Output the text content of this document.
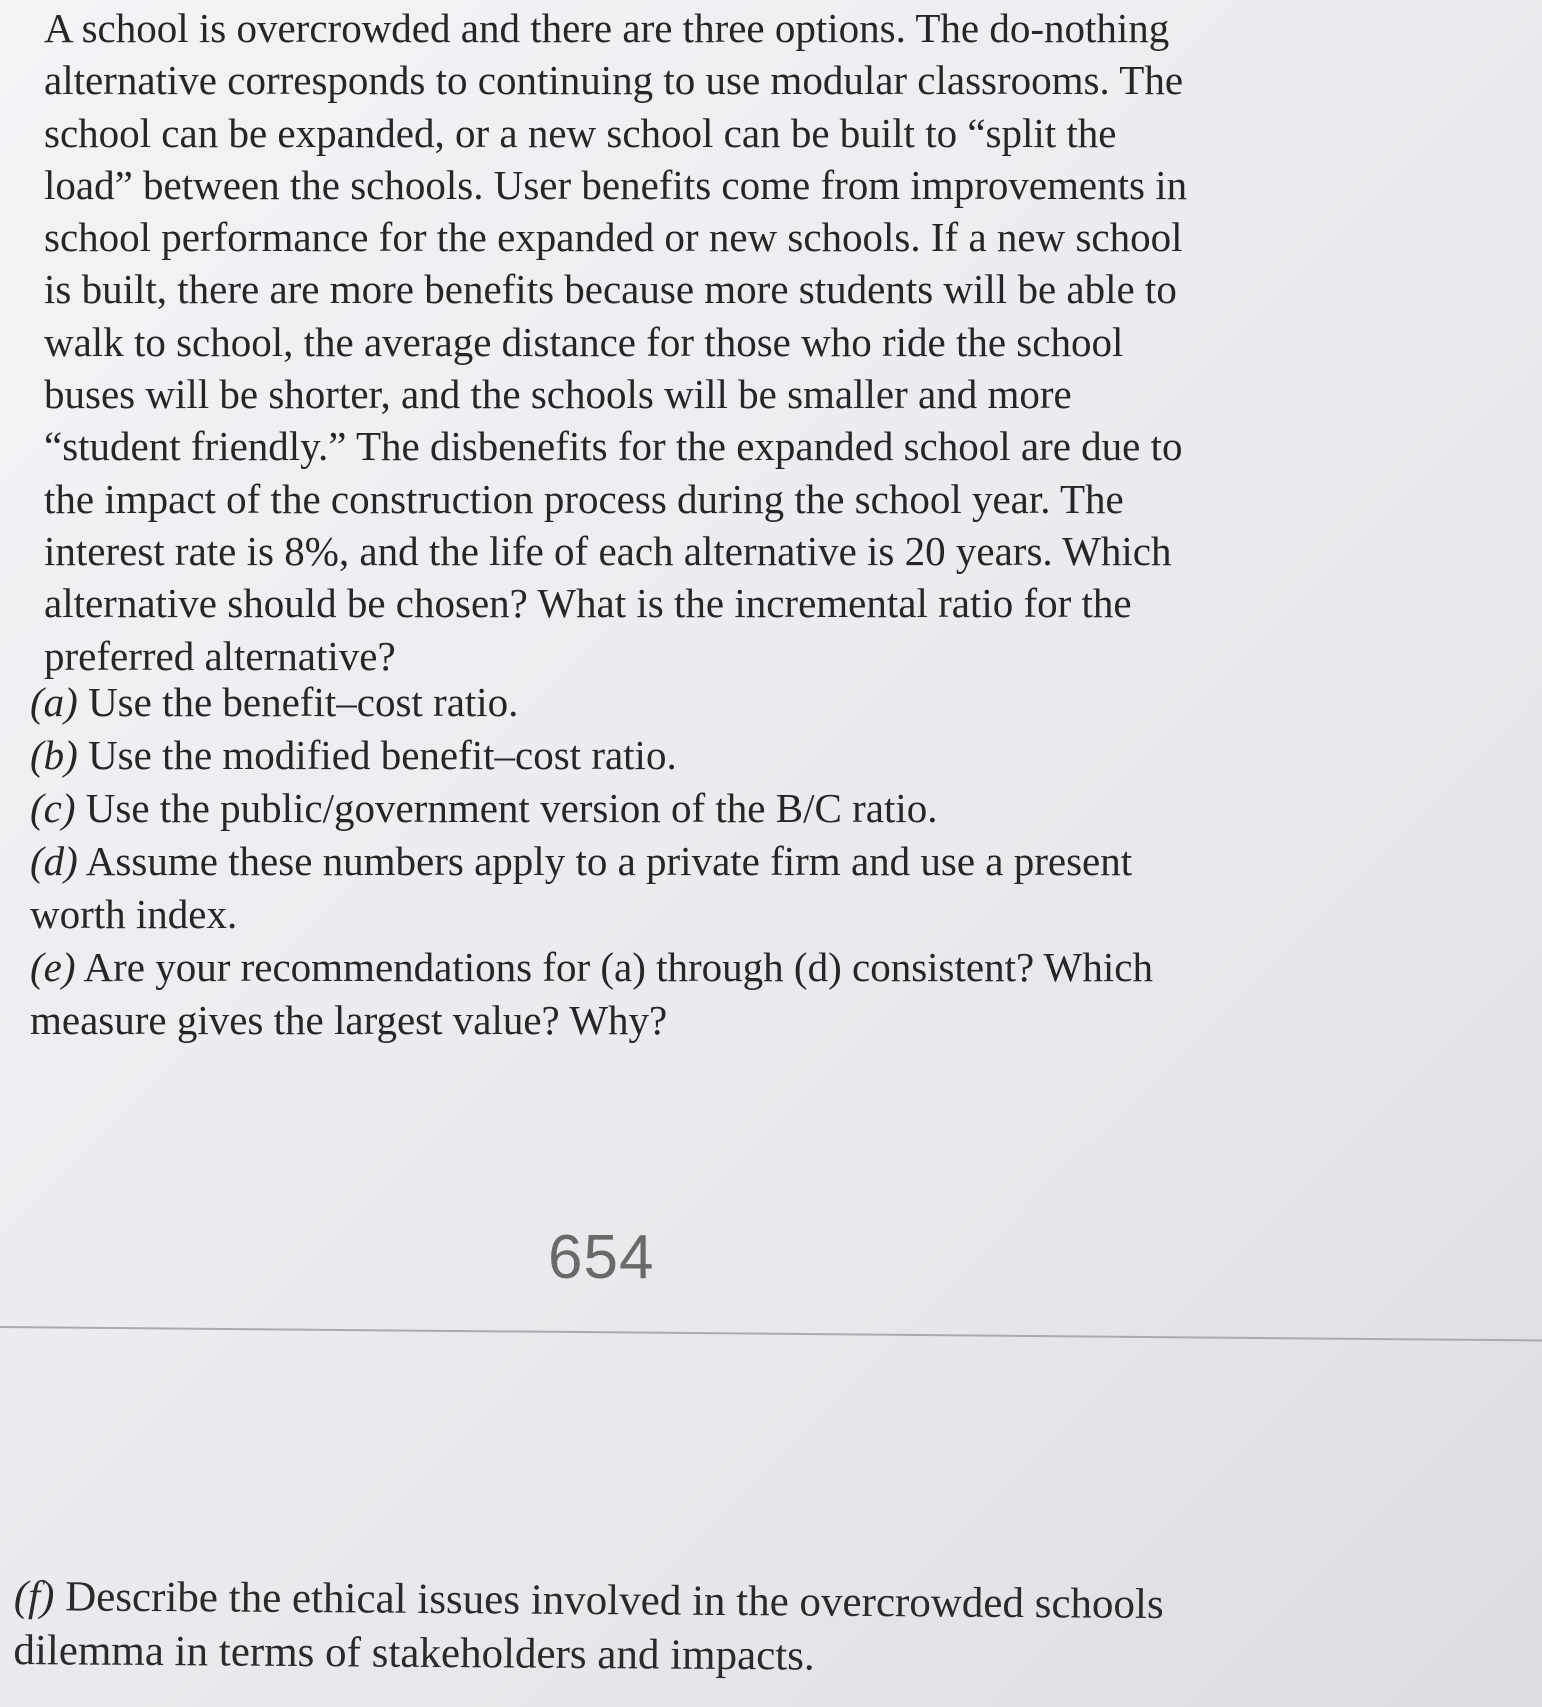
A school is overcrowded and there are three options. The do-nothing

alternative corresponds to continuing to use modular classrooms. The

school can be expanded, or a new school can be built to “split the

load” between the schools. User benefits come from improvements in

school performance for the expanded or new schools. If a new school

is built, there are more benefits because more students will be able to

walk to school, the average distance for those who ride the school

buses will be shorter, and the schools will be smaller and more

“student friendly.” The disbenefits for the expanded school are due to

the impact of the construction process during the school year. The

interest rate is 8%, and the life of each alternative is 20 years. Which

alternative should be chosen? What is the incremental ratio for the

preferred alternative?

(a) Use the benefit–cost ratio.

(b) Use the modified benefit–cost ratio.

(c) Use the public/government version of the B/C ratio.

(d) Assume these numbers apply to a private firm and use a present
worth index.

(e) Are your recommendations for (a) through (d) consistent? Which
measure gives the largest value? Why?

654
(f) Describe the ethical issues involved in the overcrowded schools
dilemma in terms of stakeholders and impacts.
